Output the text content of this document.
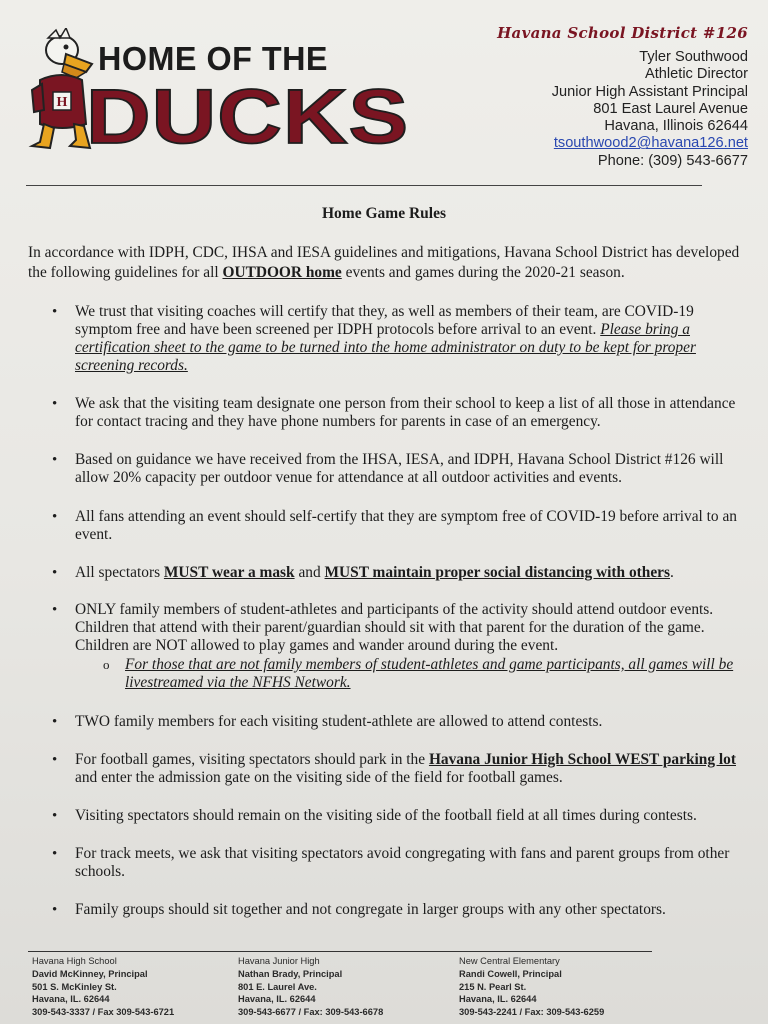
H
HOME OF THE
DUCKS
Havana School District #126
Tyler Southwood
Athletic Director
Junior High Assistant Principal
801 East Laurel Avenue
Havana, Illinois 62644
tsouthwood2@havana126.net
Phone: (309) 543-6677
Home Game Rules
In accordance with IDPH, CDC, IHSA and IESA guidelines and mitigations, Havana School District has developed the following guidelines for all OUTDOOR home events and games during the 2020-21 season.
•
We trust that visiting coaches will certify that they, as well as members of their team, are COVID-19 symptom free and have been screened per IDPH protocols before arrival to an event. Please bring a certification sheet to the game to be turned into the home administrator on duty to be kept for proper screening records.
•
We ask that the visiting team designate one person from their school to keep a list of all those in attendance for contact tracing and they have phone numbers for parents in case of an emergency.
•
Based on guidance we have received from the IHSA, IESA, and IDPH, Havana School District #126 will allow 20% capacity per outdoor venue for attendance at all outdoor activities and events.
•
All fans attending an event should self-certify that they are symptom free of COVID-19 before arrival to an event.
•
All spectators MUST wear a mask and MUST maintain proper social distancing with others.
•
ONLY family members of student-athletes and participants of the activity should attend outdoor events. Children that attend with their parent/guardian should sit with that parent for the duration of the game. Children are NOT allowed to play games and wander around during the event.
o For those that are not family members of student-athletes and game participants, all games will be livestreamed via the NFHS Network.
•
TWO family members for each visiting student-athlete are allowed to attend contests.
•
For football games, visiting spectators should park in the Havana Junior High School WEST parking lot and enter the admission gate on the visiting side of the field for football games.
•
Visiting spectators should remain on the visiting side of the football field at all times during contests.
•
For track meets, we ask that visiting spectators avoid congregating with fans and parent groups from other schools.
•
Family groups should sit together and not congregate in larger groups with any other spectators.
Havana High School
David McKinney, Principal
501 S. McKinley St.
Havana, IL. 62644
309-543-3337 / Fax 309-543-6721
Havana Junior High
Nathan Brady, Principal
801 E. Laurel Ave.
Havana, IL. 62644
309-543-6677 / Fax: 309-543-6678
New Central Elementary
Randi Cowell, Principal
215 N. Pearl St.
Havana, IL. 62644
309-543-2241 / Fax: 309-543-6259
